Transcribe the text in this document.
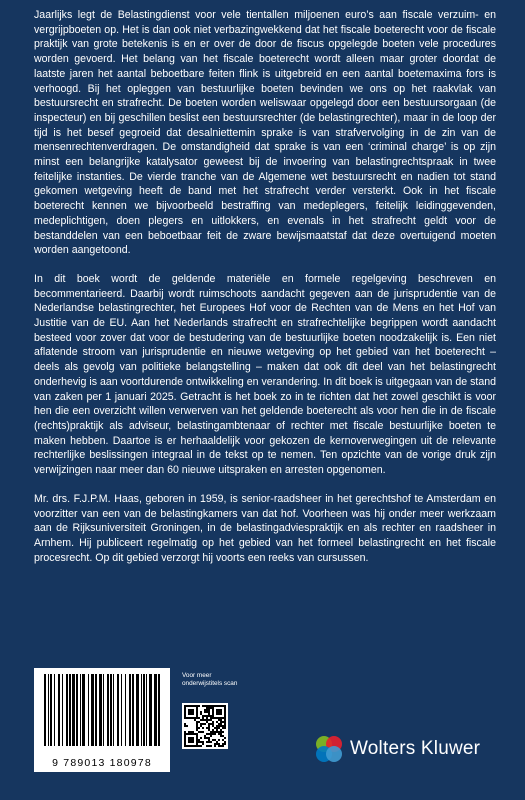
Jaarlijks legt de Belastingdienst voor vele tientallen miljoenen euro’s aan fiscale verzuim- en vergrijpboeten op. Het is dan ook niet verbazingwekkend dat het fiscale boeterecht voor de fiscale praktijk van grote betekenis is en er over de door de fiscus opgelegde boeten vele procedures worden gevoerd. Het belang van het fiscale boeterecht wordt alleen maar groter doordat de laatste jaren het aantal beboetbare feiten flink is uitgebreid en een aantal boetemaxima fors is verhoogd. Bij het opleggen van bestuurlijke boeten bevinden we ons op het raakvlak van bestuursrecht en strafrecht. De boeten worden weliswaar opgelegd door een bestuursorgaan (de inspecteur) en bij geschillen beslist een bestuursrechter (de belastingrechter), maar in de loop der tijd is het besef gegroeid dat desalniettemin sprake is van strafvervolging in de zin van de mensenrechtenverdragen. De omstandigheid dat sprake is van een ‘criminal charge’ is op zijn minst een belangrijke katalysator geweest bij de invoering van belastingrechtspraak in twee feitelijke instanties. De vierde tranche van de Algemene wet bestuursrecht en nadien tot stand gekomen wetgeving heeft de band met het strafrecht verder versterkt. Ook in het fiscale boeterecht kennen we bijvoorbeeld bestraffing van medeplegers, feitelijk leidinggevenden, medeplichtigen, doen plegers en uitlokkers, en evenals in het strafrecht geldt voor de bestanddelen van een beboetbaar feit de zware bewijsmaatstaf dat deze overtuigend moeten worden aangetoond.

In dit boek wordt de geldende materiële en formele regelgeving beschreven en becommentarieerd. Daarbij wordt ruimschoots aandacht gegeven aan de jurisprudentie van de Nederlandse belastingrechter, het Europees Hof voor de Rechten van de Mens en het Hof van Justitie van de EU. Aan het Nederlands strafrecht en strafrechtelijke begrippen wordt aandacht besteed voor zover dat voor de bestudering van de bestuurlijke boeten noodzakelijk is. Een niet aflatende stroom van jurisprudentie en nieuwe wetgeving op het gebied van het boeterecht – deels als gevolg van politieke belangstelling – maken dat ook dit deel van het belastingrecht onderhevig is aan voortdurende ontwikkeling en verandering. In dit boek is uitgegaan van de stand van zaken per 1 januari 2025. Getracht is het boek zo in te richten dat het zowel geschikt is voor hen die een overzicht willen verwerven van het geldende boeterecht als voor hen die in de fiscale (rechts)praktijk als adviseur, belastingambtenaar of rechter met fiscale bestuurlijke boeten te maken hebben. Daartoe is er herhaaldelijk voor gekozen de kernoverwegingen uit de relevante rechterlijke beslissingen integraal in de tekst op te nemen. Ten opzichte van de vorige druk zijn verwijzingen naar meer dan 60 nieuwe uitspraken en arresten opgenomen.

Mr. drs. F.J.P.M. Haas, geboren in 1959, is senior-raadsheer in het gerechtshof te Amsterdam en voorzitter van een van de belastingkamers van dat hof. Voorheen was hij onder meer werkzaam aan de Rijksuniversiteit Groningen, in de belastingadviespraktijk en als rechter en raadsheer in Arnhem. Hij publiceert regelmatig op het gebied van het formeel belastingrecht en het fiscale procesrecht. Op dit gebied verzorgt hij voorts een reeks van cursussen.

9 789013 180978
Voor meer onderwijstitels scan
Wolters Kluwer
